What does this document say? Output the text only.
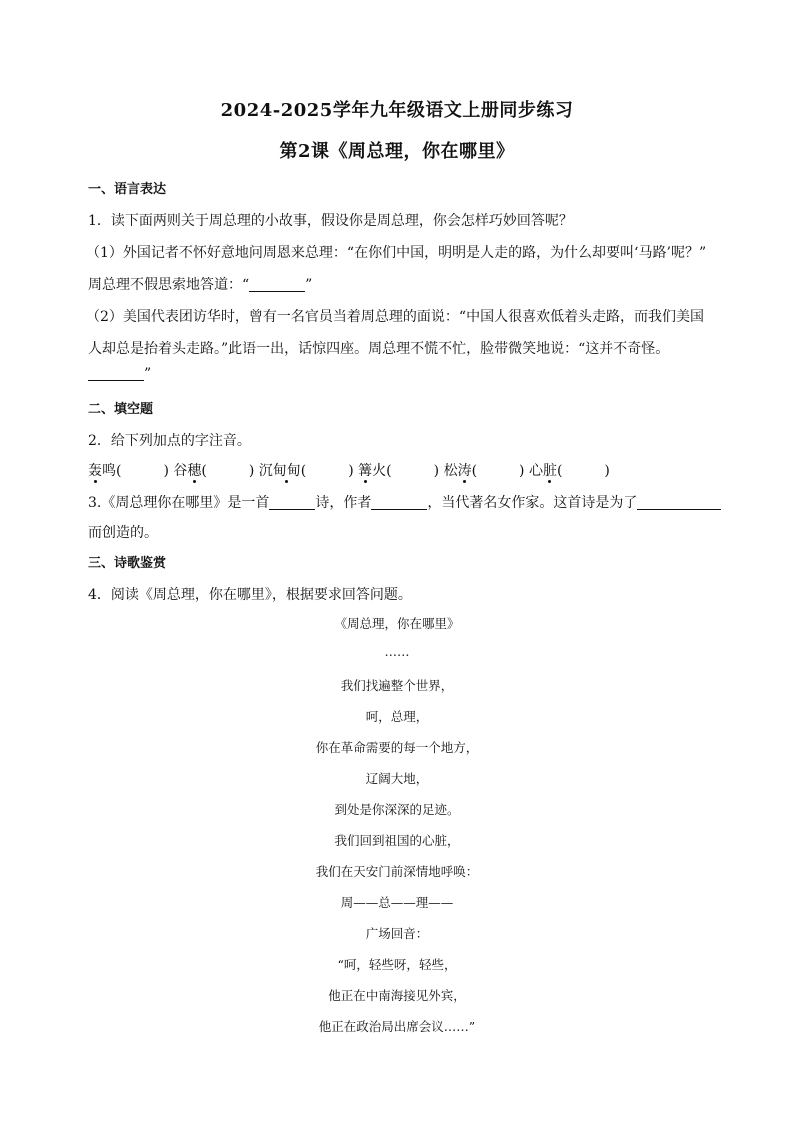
2024-2025学年九年级语文上册同步练习
第2课《周总理，你在哪里》
一、语言表达
1．读下面两则关于周总理的小故事，假设你是周总理，你会怎样巧妙回答呢？
（1）外国记者不怀好意地问周恩来总理：“在你们中国，明明是人走的路，为什么却要叫‘马路’呢？”
周总理不假思索地答道：“	”
（2）美国代表团访华时，曾有一名官员当着周总理的面说：“中国人很喜欢低着头走路，而我们美国
人却总是抬着头走路。”此语一出，话惊四座。周总理不慌不忙，脸带微笑地说：“这并不奇怪。
”
二、填空题
2．给下列加点的字注音。
轰鸣(　　　) 谷穗(　　　) 沉甸甸(　　　) 篝火(　　　) 松涛(　　　) 心脏(　　　)
3.《周总理你在哪里》是一首	诗，作者	，当代著名女作家。这首诗是为了
而创造的。
三、诗歌鉴赏
4．阅读《周总理，你在哪里》，根据要求回答问题。
《周总理，你在哪里》
……
我们找遍整个世界，
呵，总理，
你在革命需要的每一个地方，
辽阔大地，
到处是你深深的足迹。
我们回到祖国的心脏，
我们在天安门前深情地呼唤：
周——总——理——
广场回音：
“呵，轻些呀，轻些，
他正在中南海接见外宾，
他正在政治局出席会议……”
